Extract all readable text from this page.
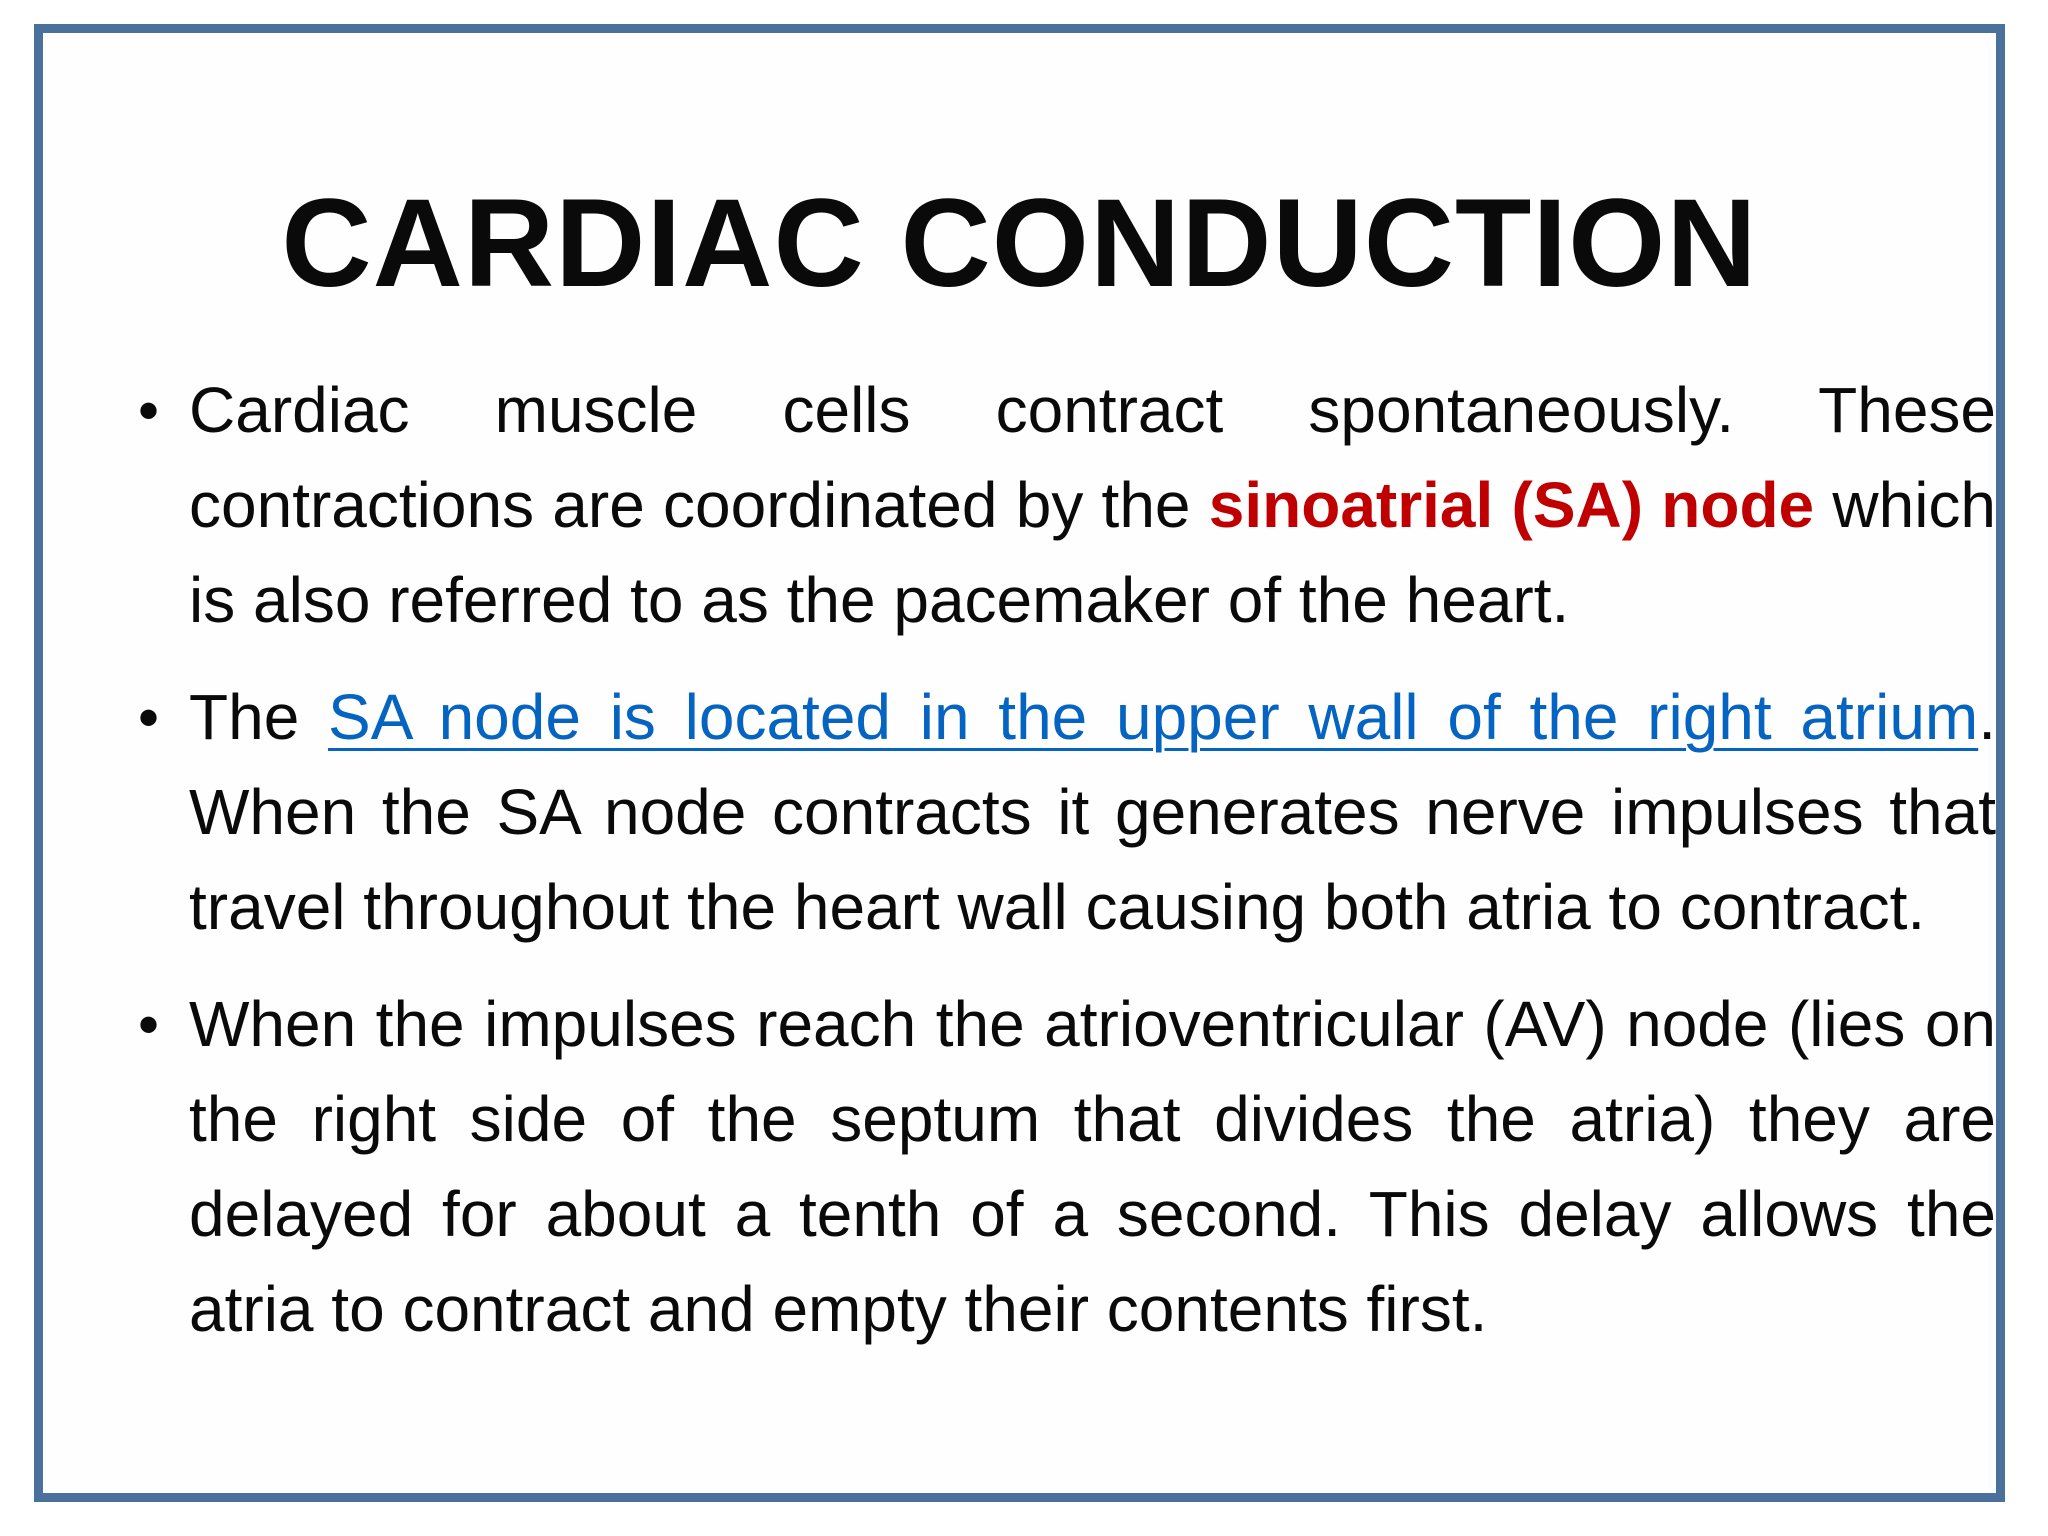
CARDIAC CONDUCTION
• Cardiac muscle cells contract spontaneously. These contractions are coordinated by the sinoatrial (SA) node which is also referred to as the pacemaker of the heart.
• The SA node is located in the upper wall of the right atrium. When the SA node contracts it generates nerve impulses that travel throughout the heart wall causing both atria to contract.
• When the impulses reach the atrioventricular (AV) node (lies on the right side of the septum that divides the atria) they are delayed for about a tenth of a second. This delay allows the atria to contract and empty their contents first.
